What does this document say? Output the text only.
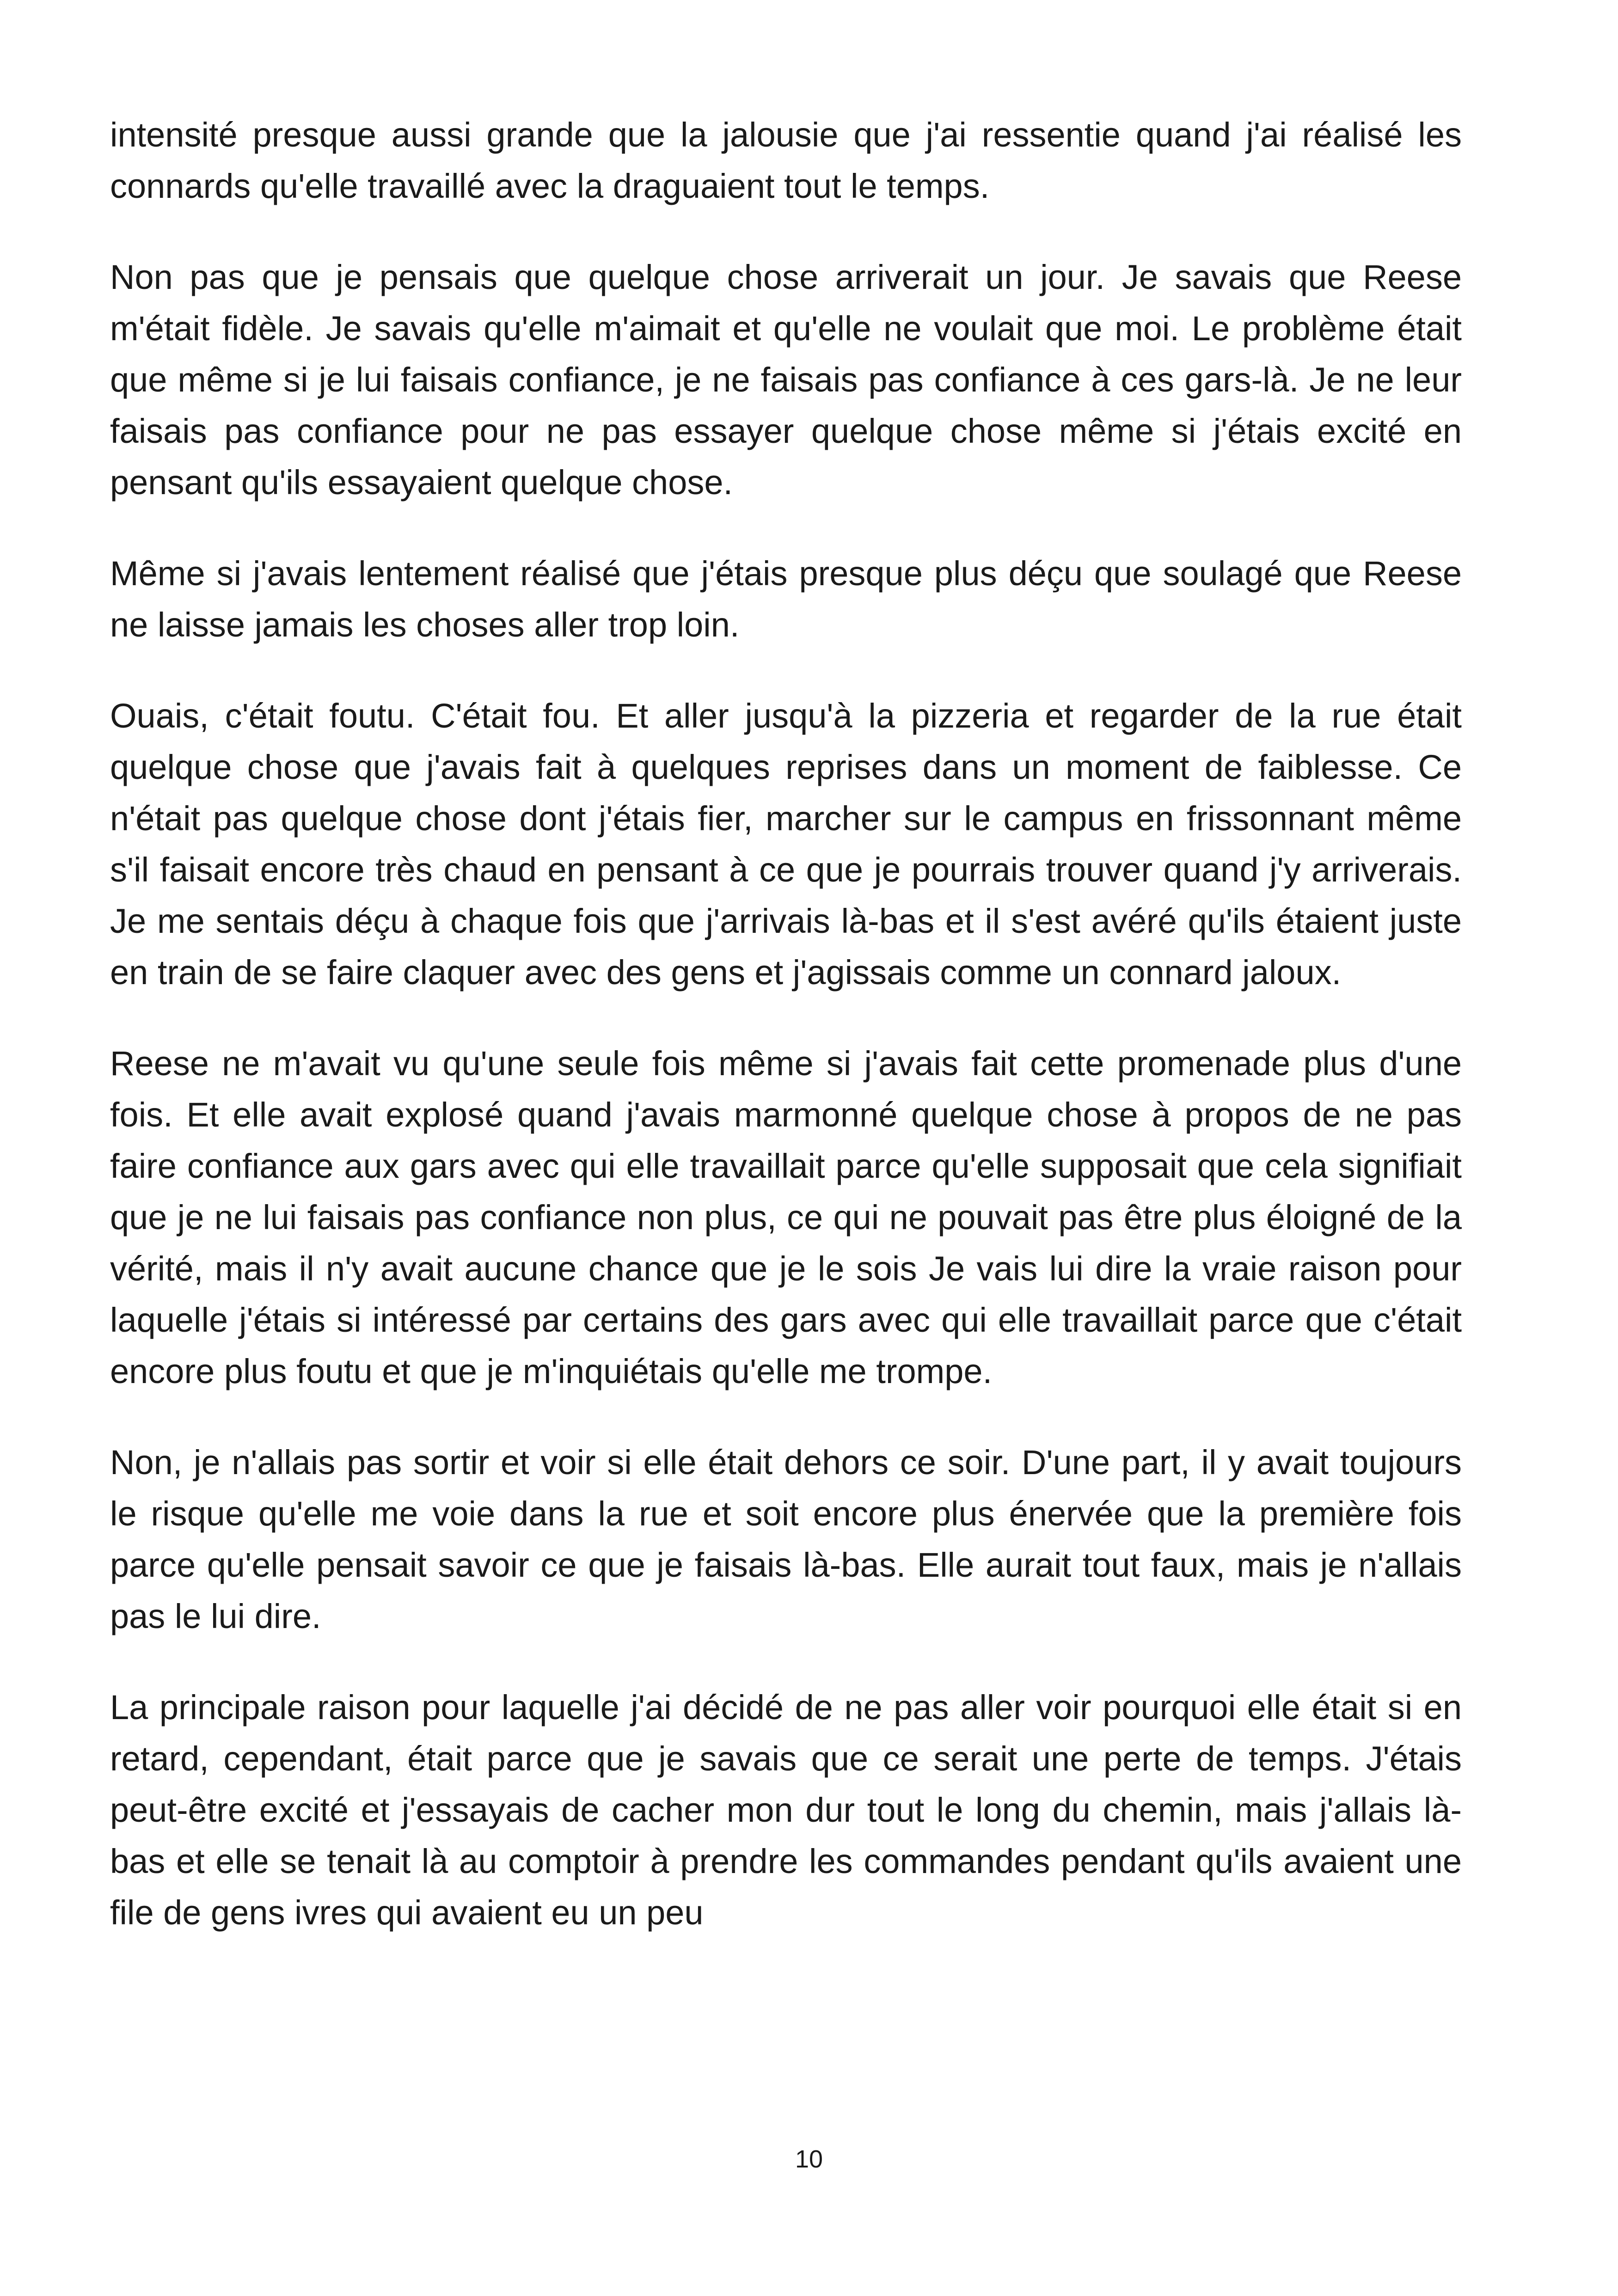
intensité presque aussi grande que la jalousie que j'ai ressentie quand j'ai réalisé les connards qu'elle travaillé avec la draguaient tout le temps.

Non pas que je pensais que quelque chose arriverait un jour. Je savais que Reese m'était fidèle. Je savais qu'elle m'aimait et qu'elle ne voulait que moi. Le problème était que même si je lui faisais confiance, je ne faisais pas confiance à ces gars-là. Je ne leur faisais pas confiance pour ne pas essayer quelque chose même si j'étais excité en pensant qu'ils essayaient quelque chose.

Même si j'avais lentement réalisé que j'étais presque plus déçu que soulagé que Reese ne laisse jamais les choses aller trop loin.

Ouais, c'était foutu. C'était fou. Et aller jusqu'à la pizzeria et regarder de la rue était quelque chose que j'avais fait à quelques reprises dans un moment de faiblesse. Ce n'était pas quelque chose dont j'étais fier, marcher sur le campus en frissonnant même s'il faisait encore très chaud en pensant à ce que je pourrais trouver quand j'y arriverais. Je me sentais déçu à chaque fois que j'arrivais là-bas et il s'est avéré qu'ils étaient juste en train de se faire claquer avec des gens et j'agissais comme un connard jaloux.

Reese ne m'avait vu qu'une seule fois même si j'avais fait cette promenade plus d'une fois. Et elle avait explosé quand j'avais marmonné quelque chose à propos de ne pas faire confiance aux gars avec qui elle travaillait parce qu'elle supposait que cela signifiait que je ne lui faisais pas confiance non plus, ce qui ne pouvait pas être plus éloigné de la vérité, mais il n'y avait aucune chance que je le sois Je vais lui dire la vraie raison pour laquelle j'étais si intéressé par certains des gars avec qui elle travaillait parce que c'était encore plus foutu et que je m'inquiétais qu'elle me trompe.

Non, je n'allais pas sortir et voir si elle était dehors ce soir. D'une part, il y avait toujours le risque qu'elle me voie dans la rue et soit encore plus énervée que la première fois parce qu'elle pensait savoir ce que je faisais là-bas. Elle aurait tout faux, mais je n'allais pas le lui dire.

La principale raison pour laquelle j'ai décidé de ne pas aller voir pourquoi elle était si en retard, cependant, était parce que je savais que ce serait une perte de temps. J'étais peut-être excité et j'essayais de cacher mon dur tout le long du chemin, mais j'allais là-bas et elle se tenait là au comptoir à prendre les commandes pendant qu'ils avaient une file de gens ivres qui avaient eu un peu

10
